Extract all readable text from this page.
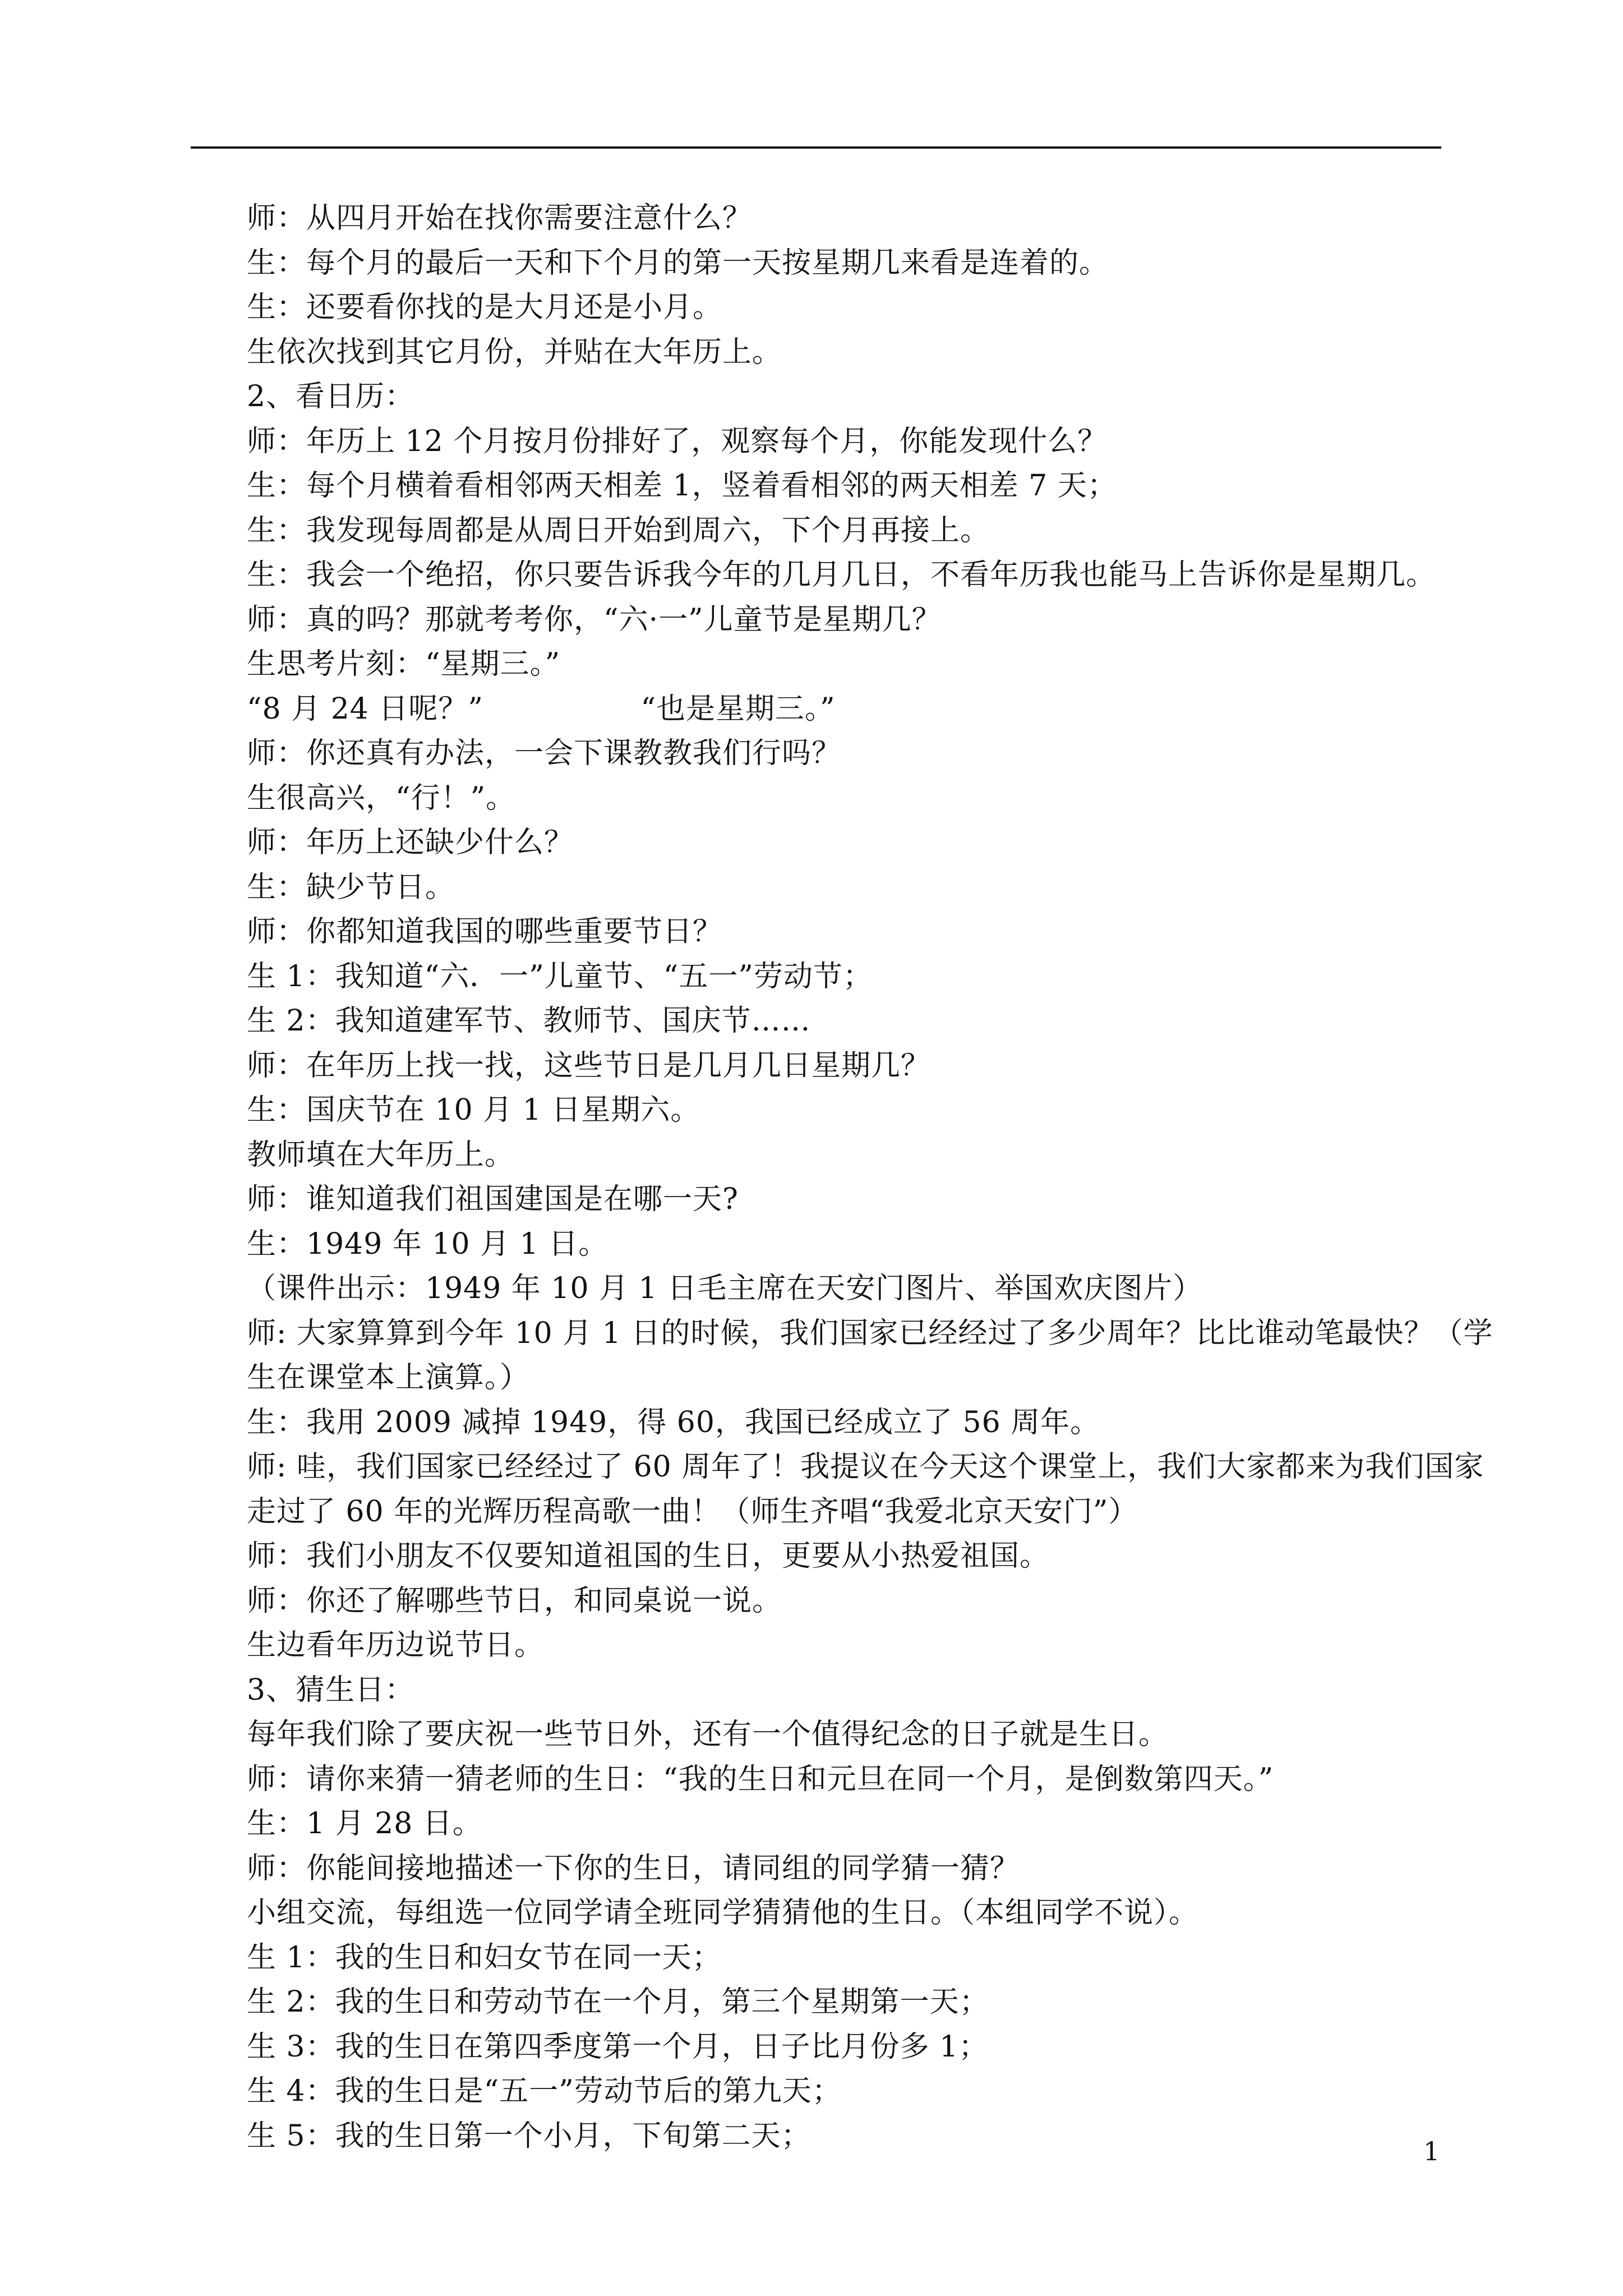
师：从四月开始在找你需要注意什么？
生：每个月的最后一天和下个月的第一天按星期几来看是连着的。
生：还要看你找的是大月还是小月。
生依次找到其它月份，并贴在大年历上。
2、看日历：
师：年历上 12 个月按月份排好了，观察每个月，你能发现什么？
生：每个月横着看相邻两天相差 1，竖着看相邻的两天相差 7 天；
生：我发现每周都是从周日开始到周六，下个月再接上。
生：我会一个绝招，你只要告诉我今年的几月几日，不看年历我也能马上告诉你是星期几。
师：真的吗？那就考考你，“六·一”儿童节是星期几？
生思考片刻：“星期三。”
“8 月 24 日呢？”                “也是星期三。”
师：你还真有办法，一会下课教教我们行吗？
生很高兴，“行！”。
师：年历上还缺少什么？
生：缺少节日。
师：你都知道我国的哪些重要节日？
生 1：我知道“六．一”儿童节、“五一”劳动节；
生 2：我知道建军节、教师节、国庆节……
师：在年历上找一找，这些节日是几月几日星期几？
生：国庆节在 10 月 1 日星期六。
教师填在大年历上。
师：谁知道我们祖国建国是在哪一天?
生：1949 年 10 月 1 日。
（课件出示：1949 年 10 月 1 日毛主席在天安门图片、举国欢庆图片）
师: 大家算算到今年 10 月 1 日的时候，我们国家已经经过了多少周年？比比谁动笔最快？（学
生在课堂本上演算。）
生：我用 2009 减掉 1949，得 60，我国已经成立了 56 周年。
师: 哇，我们国家已经经过了 60 周年了！我提议在今天这个课堂上，我们大家都来为我们国家
走过了 60 年的光辉历程高歌一曲！（师生齐唱“我爱北京天安门”）
师：我们小朋友不仅要知道祖国的生日，更要从小热爱祖国。
师：你还了解哪些节日，和同桌说一说。
生边看年历边说节日。
3、猜生日：
每年我们除了要庆祝一些节日外，还有一个值得纪念的日子就是生日。
师：请你来猜一猜老师的生日：“我的生日和元旦在同一个月，是倒数第四天。”
生：1 月 28 日。
师：你能间接地描述一下你的生日，请同组的同学猜一猜？
小组交流，每组选一位同学请全班同学猜猜他的生日。（本组同学不说）。
生 1：我的生日和妇女节在同一天；
生 2：我的生日和劳动节在一个月，第三个星期第一天；
生 3：我的生日在第四季度第一个月，日子比月份多 1；
生 4：我的生日是“五一”劳动节后的第九天；
生 5：我的生日第一个小月，下旬第二天；	1
